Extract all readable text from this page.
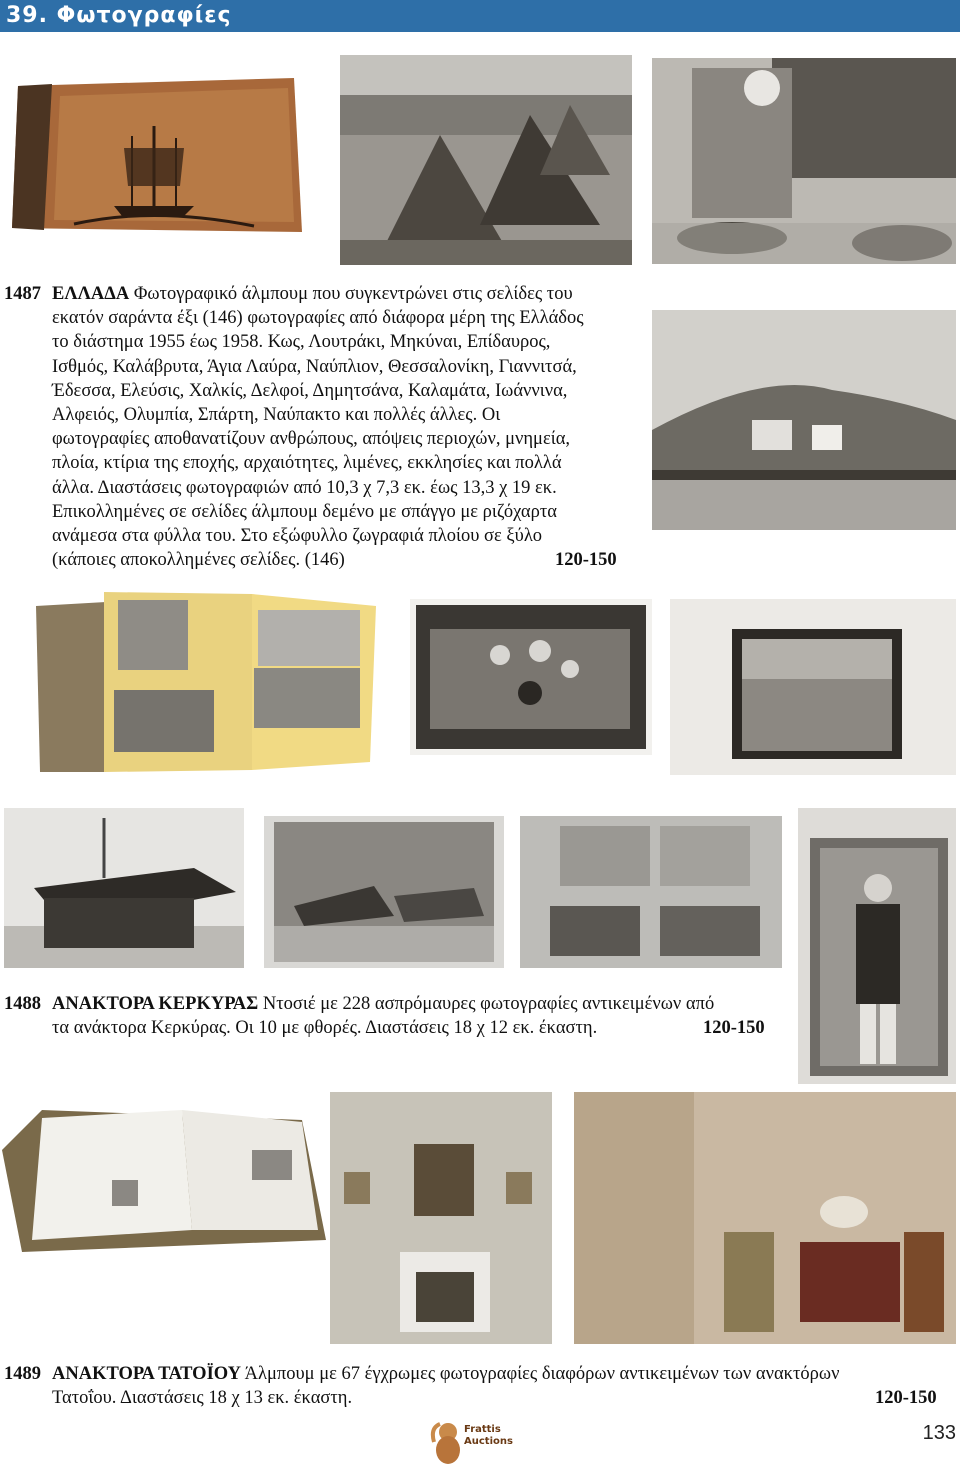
39. Φωτογραφίες
1487 ΕΛΛΑΔΑ Φωτογραφικό άλμπουμ που συγκεντρώνει στις σελίδες του
εκατόν σαράντα έξι (146) φωτογραφίες από διάφορα μέρη της Ελλάδος
το διάστημα 1955 έως 1958. Κως, Λουτράκι, Μηκύναι, Επίδαυρος,
Ισθμός, Καλάβρυτα, Άγια Λαύρα, Ναύπλιον, Θεσσαλονίκη, Γιαννιτσά,
Έδεσσα, Ελεύσις, Χαλκίς, Δελφοί, Δημητσάνα, Καλαμάτα, Ιωάννινα,
Αλφειός, Ολυμπία, Σπάρτη, Ναύπακτο και πολλές άλλες. Οι
φωτογραφίες αποθανατίζουν ανθρώπους, απόψεις περιοχών, μνημεία,
πλοία, κτίρια της εποχής, αρχαιότητες, λιμένες, εκκλησίες και πολλά
άλλα. Διαστάσεις φωτογραφιών από 10,3 χ 7,3 εκ. έως 13,3 χ 19 εκ.
Επικολλημένες σε σελίδες άλμπουμ δεμένο με σπάγγο με ριζόχαρτα
ανάμεσα στα φύλλα του. Στο εξώφυλλο ζωγραφιά πλοίου σε ξύλο
(κάποιες αποκολλημένες σελίδες. (146)	120-150
1488 ΑΝΑΚΤΟΡΑ ΚΕΡΚΥΡΑΣ Ντοσιέ με 228 ασπρόμαυρες φωτογραφίες αντικειμένων από
τα ανάκτορα Κερκύρας. Οι 10 με φθορές. Διαστάσεις 18 χ 12 εκ. έκαστη.	120-150
1489 ΑΝΑΚΤΟΡΑ ΤΑΤΟΪΟΥ Άλμπουμ με 67 έγχρωμες φωτογραφίες διαφόρων αντικειμένων των ανακτόρων
Τατοΐου. Διαστάσεις 18 χ 13 εκ. έκαστη.	120-150
Frattis
Auctions	133
